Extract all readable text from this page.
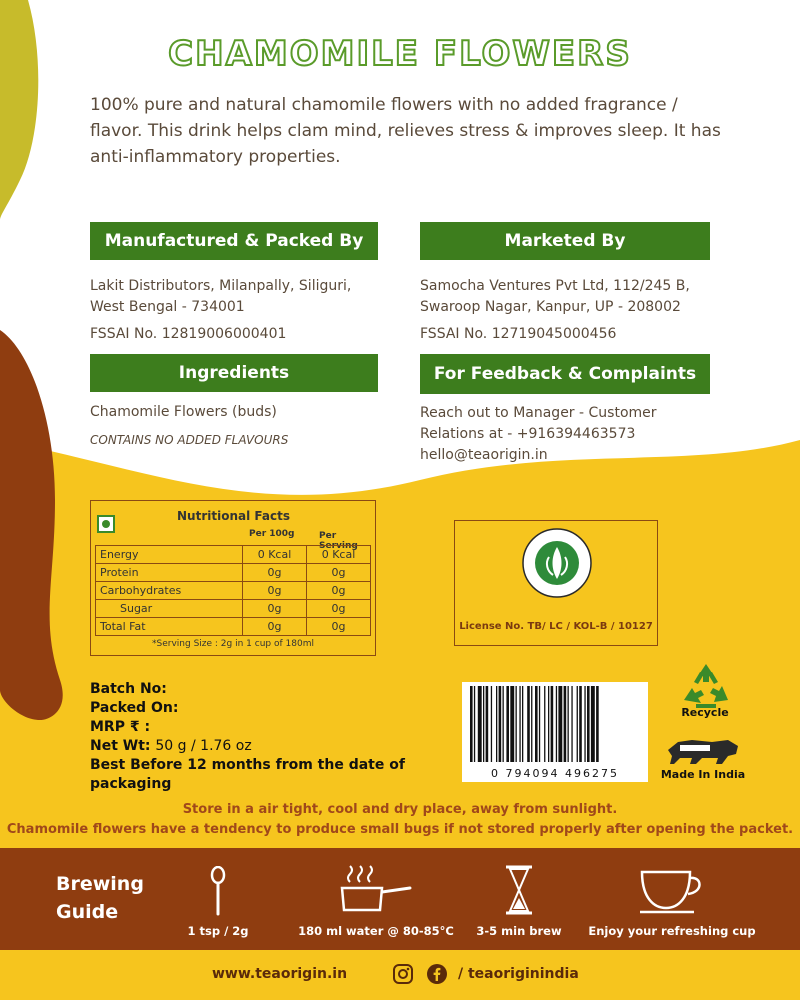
CHAMOMILE FLOWERS
100% pure and natural chamomile flowers with no added fragrance / flavor. This drink helps clam mind, relieves stress & improves sleep. It has anti-inflammatory properties.
Manufactured & Packed By	Marketed By
Lakit Distributors, Milanpally, Siliguri, West Bengal - 734001
FSSAI No. 12819006000401
Samocha Ventures Pvt Ltd, 112/245 B, Swaroop Nagar, Kanpur, UP - 208002
FSSAI No. 12719045000456
Ingredients	For Feedback & Complaints
Chamomile Flowers (buds)
CONTAINS NO ADDED FLAVOURS
Reach out to Manager - Customer Relations at - +916394463573
hello@teaorigin.in
Nutritional Facts
Per 100g	Per Serving
Energy	0 Kcal	0 Kcal
Protein	0g	0g
Carbohydrates	0g	0g
Sugar	0g	0g
Total Fat	0g	0g
*Serving Size : 2g in 1 cup of 180ml
License No. TB/ LC / KOL-B / 10127
Batch No:
Packed On:
MRP ₹ :
Net Wt: 50 g / 1.76 oz
Best Before 12 months from the date of packaging
0 794094 496275
Recycle
Made In India
Store in a air tight, cool and dry place, away from sunlight.
Chamomile flowers have a tendency to produce small bugs if not stored properly after opening the packet.
Brewing Guide
1 tsp / 2g	180 ml water @ 80-85°C	3-5 min brew	Enjoy your refreshing cup
www.teaorigin.in	/ teaoriginindia
